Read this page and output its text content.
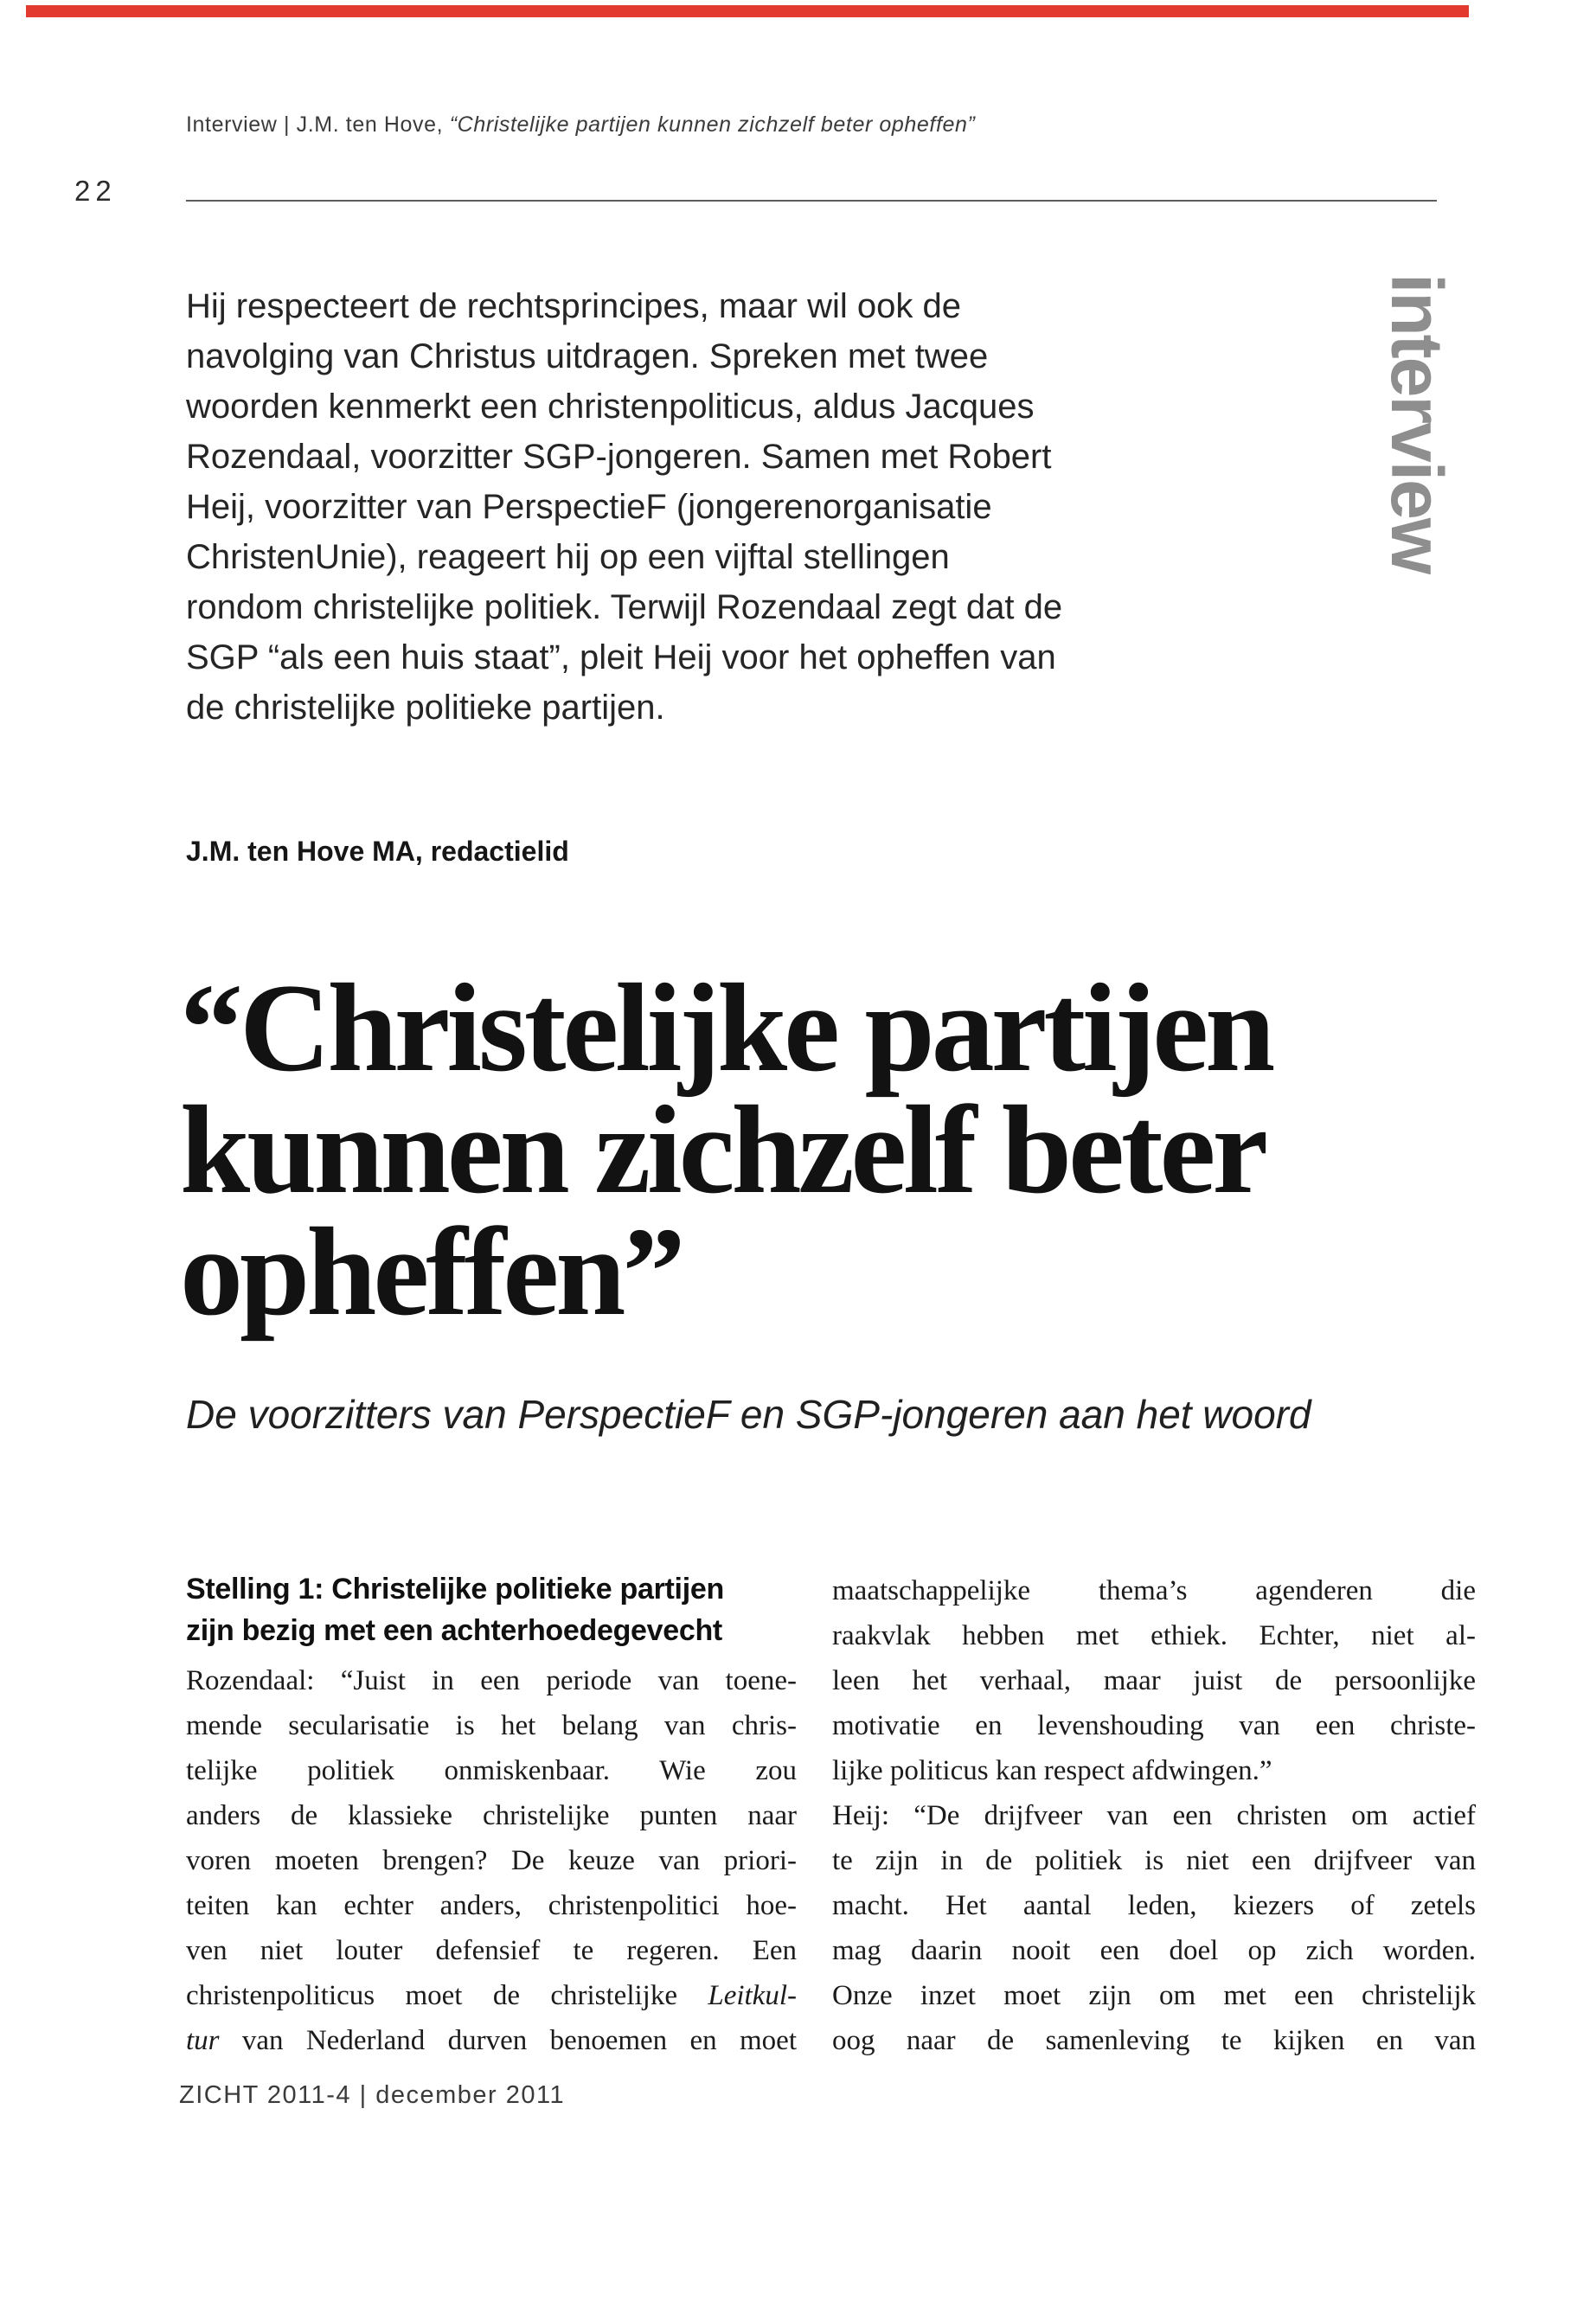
Interview | J.M. ten Hove, “Christelijke partijen kunnen zichzelf beter opheffen”
22
Hij respecteert de rechtsprincipes, maar wil ook de
navolging van Christus uitdragen. Spreken met twee
woorden kenmerkt een christenpoliticus, aldus Jacques
Rozendaal, voorzitter SGP-jongeren. Samen met Robert
Heij, voorzitter van PerspectieF (jongerenorganisatie
ChristenUnie), reageert hij op een vijftal stellingen
rondom christelijke politiek. Terwijl Rozendaal zegt dat de
SGP “als een huis staat”, pleit Heij voor het opheffen van
de christelijke politieke partijen.
interview
J.M. ten Hove MA, redactielid
“Christelijke partijen
kunnen zichzelf beter
opheffen”
De voorzitters van PerspectieF en SGP-jongeren aan het woord
Stelling 1: Christelijke politieke partijen
zijn bezig met een achterhoedegevecht
Rozendaal: “Juist in een periode van toene-
mende secularisatie is het belang van chris-
telijke politiek onmiskenbaar. Wie zou
anders de klassieke christelijke punten naar
voren moeten brengen? De keuze van priori-
teiten kan echter anders, christenpolitici hoe-
ven niet louter defensief te regeren. Een
christenpoliticus moet de christelijke Leitkul-
tur van Nederland durven benoemen en moet
maatschappelijke thema’s agenderen die
raakvlak hebben met ethiek. Echter, niet al-
leen het verhaal, maar juist de persoonlijke
motivatie en levenshouding van een christe-
lijke politicus kan respect afdwingen.”
Heij: “De drijfveer van een christen om actief
te zijn in de politiek is niet een drijfveer van
macht. Het aantal leden, kiezers of zetels
mag daarin nooit een doel op zich worden.
Onze inzet moet zijn om met een christelijk
oog naar de samenleving te kijken en van
ZICHT 2011-4 | december 2011
